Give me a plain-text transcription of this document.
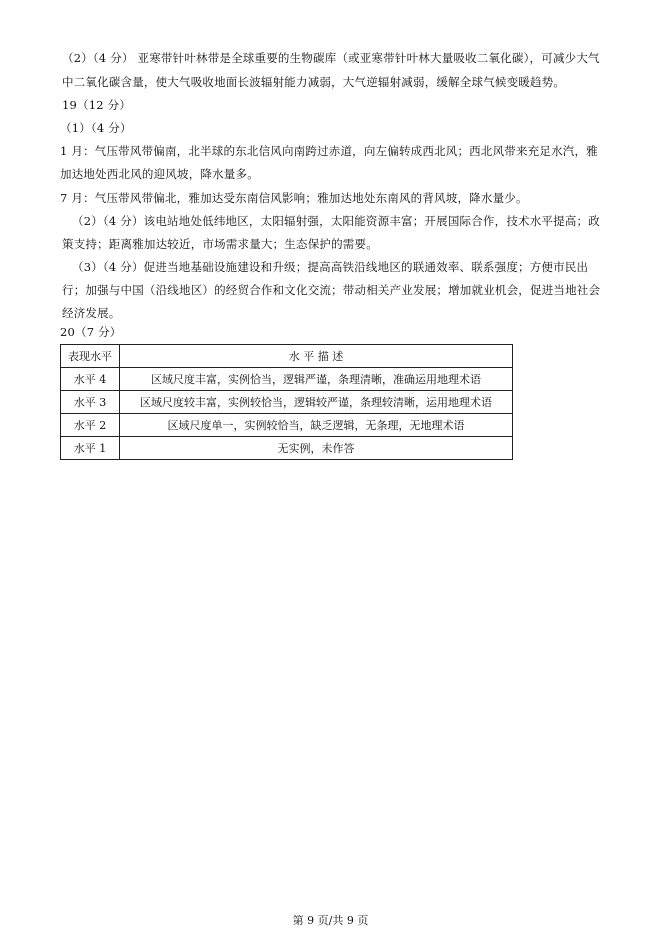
（2）（4 分） 亚寒带针叶林带是全球重要的生物碳库（或亚寒带针叶林大量吸收二氧化碳），可减少大气
中二氧化碳含量，使大气吸收地面长波辐射能力减弱，大气逆辐射减弱，缓解全球气候变暖趋势。
19（12 分）
（1）（4 分）
1 月：气压带风带偏南，北半球的东北信风向南跨过赤道，向左偏转成西北风；西北风带来充足水汽，雅
加达地处西北风的迎风坡，降水量多。
7 月：气压带风带偏北，雅加达受东南信风影响；雅加达地处东南风的背风坡，降水量少。
（2）（4 分）该电站地处低纬地区，太阳辐射强，太阳能资源丰富；开展国际合作，技术水平提高；政
策支持；距离雅加达较近，市场需求量大；生态保护的需要。
（3）（4 分）促进当地基础设施建设和升级；提高高铁沿线地区的联通效率、联系强度；方便市民出
行；加强与中国（沿线地区）的经贸合作和文化交流；带动相关产业发展；增加就业机会，促进当地社会
经济发展。
20（7 分）
表现水平	水 平 描 述
水平 4	区域尺度丰富，实例恰当，逻辑严谨，条理清晰，准确运用地理术语
水平 3	区域尺度较丰富，实例较恰当，逻辑较严谨，条理较清晰，运用地理术语
水平 2	区域尺度单一，实例较恰当，缺乏逻辑，无条理，无地理术语
水平 1	无实例，未作答
第 9 页/共 9 页
